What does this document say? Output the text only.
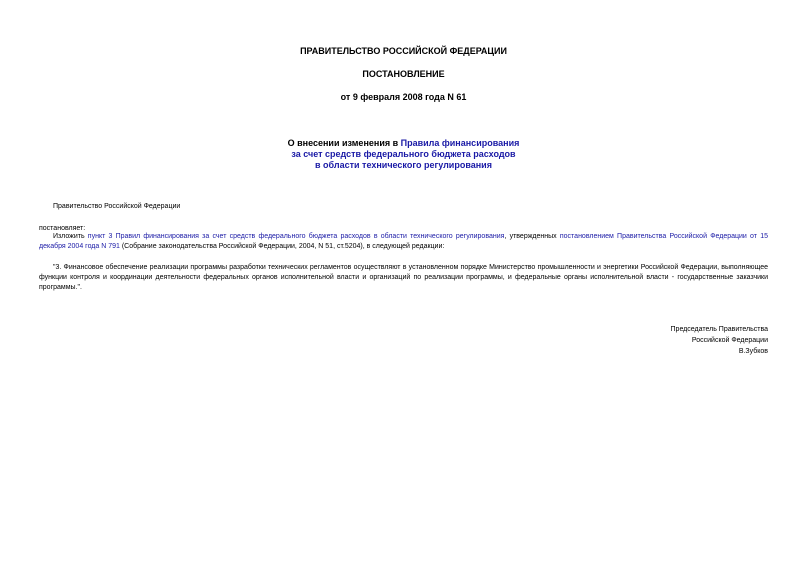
ПРАВИТЕЛЬСТВО РОССИЙСКОЙ ФЕДЕРАЦИИ
ПОСТАНОВЛЕНИЕ
от 9 февраля 2008 года N 61
О внесении изменения в Правила финансирования
за счет средств федерального бюджета расходов
в области технического регулирования
Правительство Российской Федерации
постановляет:
Изложить пункт 3 Правил финансирования за счет средств федерального бюджета расходов в области технического регулирования, утвержденных постановлением Правительства Российской Федерации от 15 декабря 2004 года N 791 (Собрание законодательства Российской Федерации, 2004, N 51, ст.5204), в следующей редакции:
"3. Финансовое обеспечение реализации программы разработки технических регламентов осуществляют в установленном порядке Министерство промышленности и энергетики Российской Федерации, выполняющее функции контроля и координации деятельности федеральных органов исполнительной власти и организаций по реализации программы, и федеральные органы исполнительной власти - государственные заказчики программы.".
Председатель Правительства
Российской Федерации
В.Зубков
